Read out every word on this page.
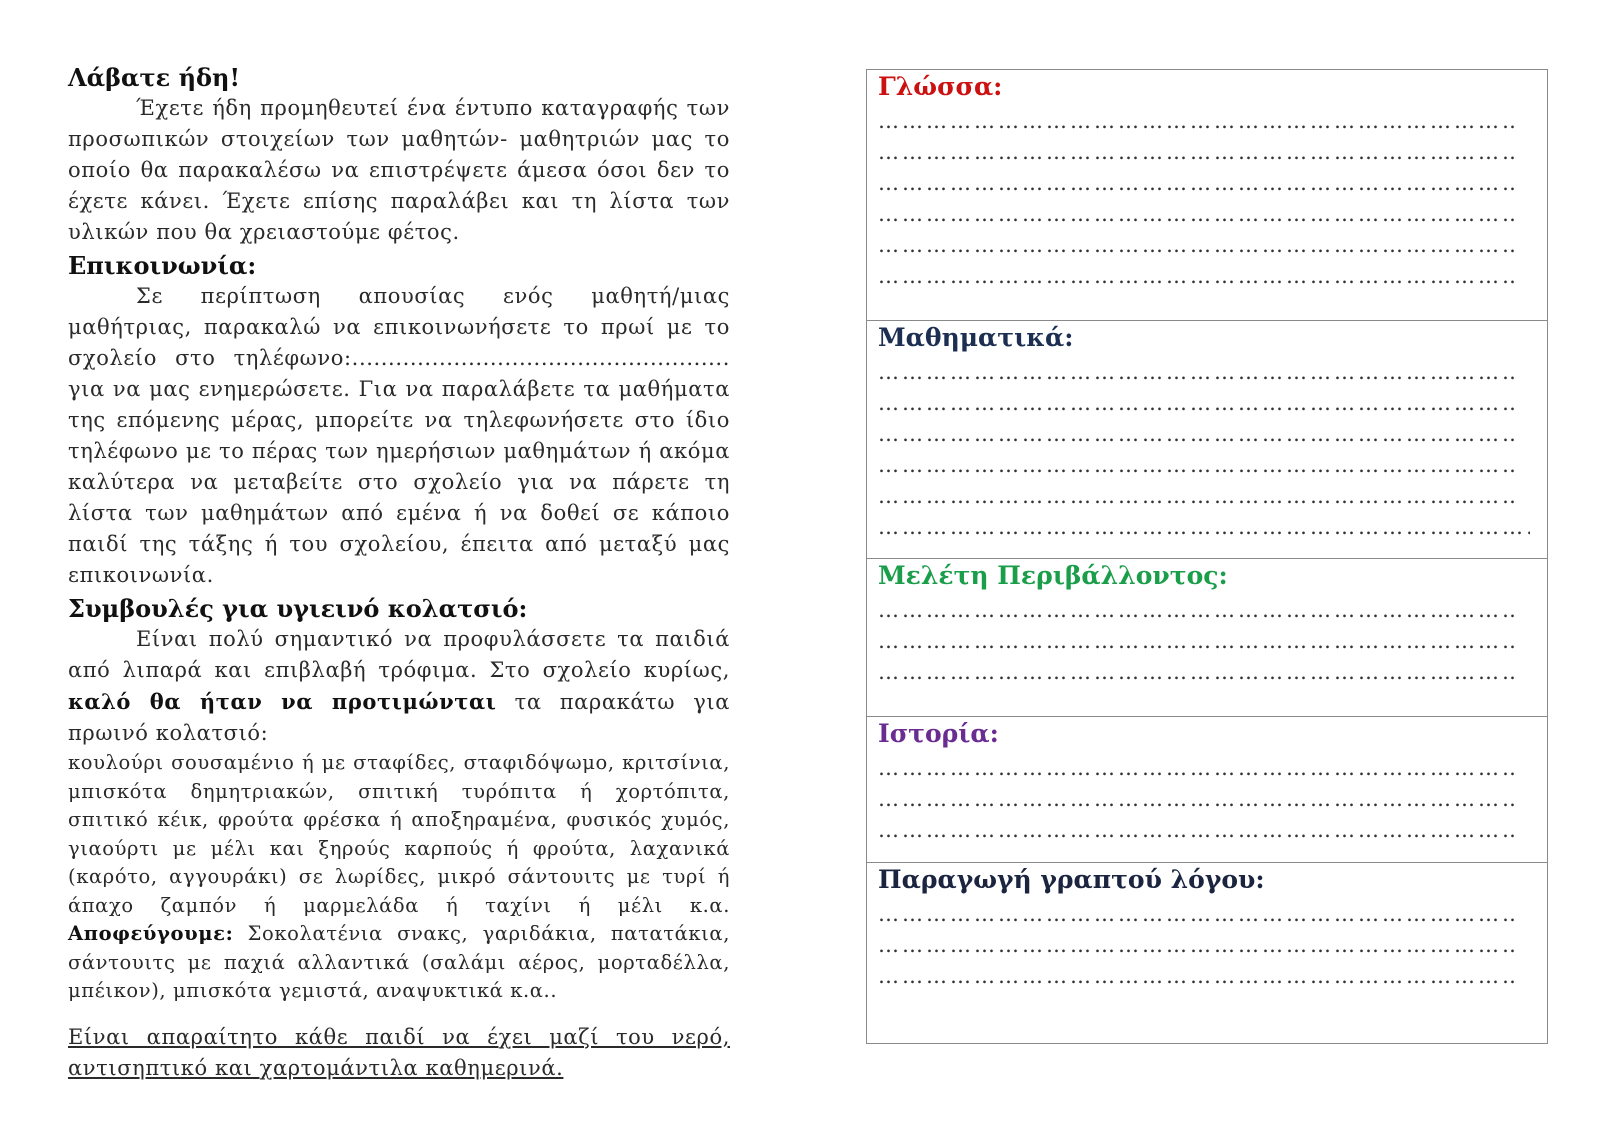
Λάβατε ήδη!

Έχετε ήδη προμηθευτεί ένα έντυπο καταγραφής των προσωπικών στοιχείων των μαθητών- μαθητριών μας το οποίο θα παρακαλέσω να επιστρέψετε άμεσα όσοι δεν το έχετε κάνει. Έχετε επίσης παραλάβει και τη λίστα των υλικών που θα χρειαστούμε φέτος.

Επικοινωνία:

Σε περίπτωση απουσίας ενός μαθητή/μιας μαθήτριας, παρακαλώ να επικοινωνήσετε το πρωί με το σχολείο στο τηλέφωνο:.................................................... για να μας ενημερώσετε. Για να παραλάβετε τα μαθήματα της επόμενης μέρας, μπορείτε να τηλεφωνήσετε στο ίδιο τηλέφωνο με το πέρας των ημερήσιων μαθημάτων ή ακόμα καλύτερα να μεταβείτε στο σχολείο για να πάρετε τη λίστα των μαθημάτων από εμένα ή να δοθεί σε κάποιο παιδί της τάξης ή του σχολείου, έπειτα από μεταξύ μας επικοινωνία.

Συμβουλές για υγιεινό κολατσιό:

Είναι πολύ σημαντικό να προφυλάσσετε τα παιδιά από λιπαρά και επιβλαβή τρόφιμα. Στο σχολείο κυρίως, καλό θα ήταν να προτιμώνται τα παρακάτω για πρωινό κολατσιό:

κουλούρι σουσαμένιο ή με σταφίδες, σταφιδόψωμο, κριτσίνια, μπισκότα δημητριακών, σπιτική τυρόπιτα ή χορτόπιτα, σπιτικό κέικ, φρούτα φρέσκα ή αποξηραμένα, φυσικός χυμός, γιαούρτι με μέλι και ξηρούς καρπούς ή φρούτα, λαχανικά (καρότο, αγγουράκι) σε λωρίδες, μικρό σάντουιτς με τυρί ή άπαχο ζαμπόν ή μαρμελάδα ή ταχίνι ή μέλι κ.α. Αποφεύγουμε: Σοκολατένια σνακς, γαριδάκια, πατατάκια, σάντουιτς με παχιά αλλαντικά (σαλάμι αέρος, μορταδέλλα, μπέικον), μπισκότα γεμιστά, αναψυκτικά κ.α..

Είναι απαραίτητο κάθε παιδί να έχει μαζί του νερό, αντισηπτικό και χαρτομάντιλα καθημερινά.

Γλώσσα:

……………………………………………………………………………………………………………………
……………………………………………………………………………………………………………………
……………………………………………………………………………………………………………………
……………………………………………………………………………………………………………………
……………………………………………………………………………………………………………………
……………………………………………………………………………………………………………………

Μαθηματικά:

……………………………………………………………………………………………………………………
……………………………………………………………………………………………………………………
……………………………………………………………………………………………………………………
……………………………………………………………………………………………………………………
……………………………………………………………………………………………………………………
……………………………………………………………………………………………………………………

Μελέτη Περιβάλλοντος:

……………………………………………………………………………………………………………………
……………………………………………………………………………………………………………………
……………………………………………………………………………………………………………………

Ιστορία:

……………………………………………………………………………………………………………………
……………………………………………………………………………………………………………………
……………………………………………………………………………………………………………………

Παραγωγή γραπτού λόγου:

……………………………………………………………………………………………………………………
……………………………………………………………………………………………………………………
……………………………………………………………………………………………………………………
